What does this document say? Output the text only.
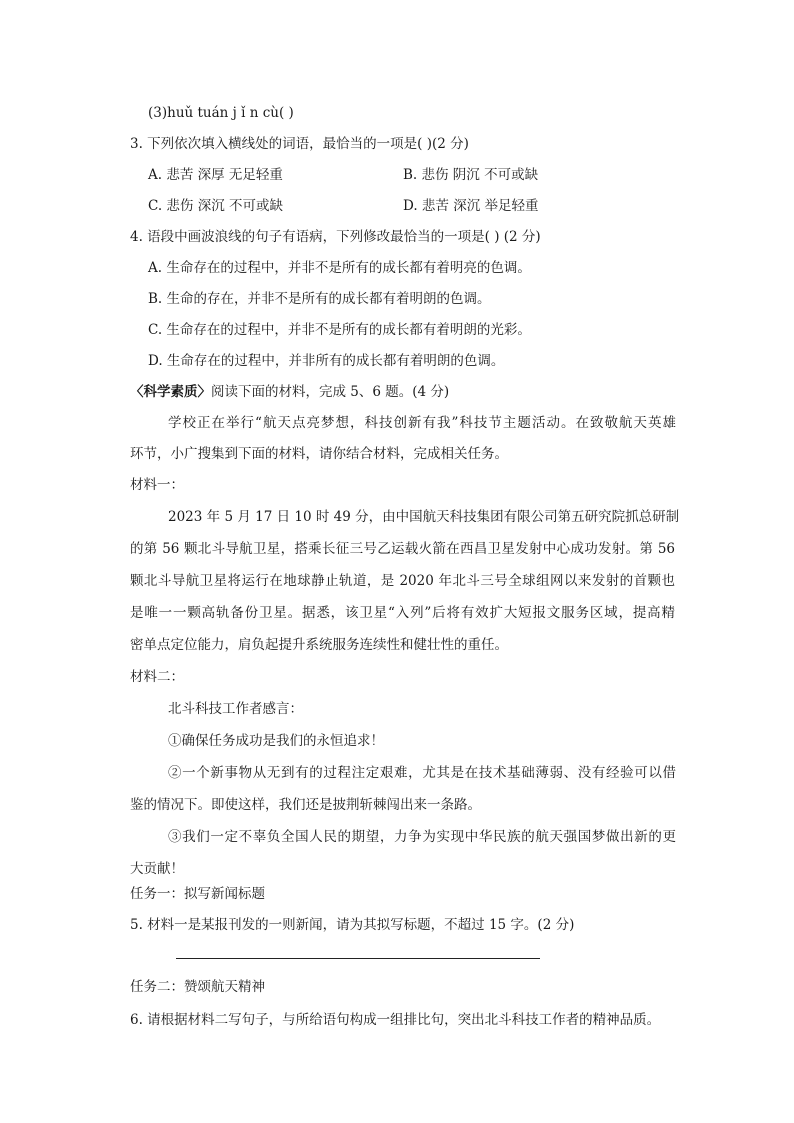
(3)huǔ tuán j ǐ n cù( )
3. 下列依次填入横线处的词语，最恰当的一项是( )(2 分)
A. 悲苦 深厚 无足轻重	B. 悲伤 阴沉 不可或缺
C. 悲伤 深沉 不可或缺	D. 悲苦 深沉 举足轻重
4. 语段中画波浪线的句子有语病，下列修改最恰当的一项是( ) (2 分)
A. 生命存在的过程中，并非不是所有的成长都有着明亮的色调。
B. 生命的存在，并非不是所有的成长都有着明朗的色调。
C. 生命存在的过程中，并非不是所有的成长都有着明朗的光彩。
D. 生命存在的过程中，并非所有的成长都有着明朗的色调。
〈科学素质〉阅读下面的材料，完成 5、6 题。(4 分)
学校正在举行“航天点亮梦想，科技创新有我”科技节主题活动。在致敬航天英雄
环节，小广搜集到下面的材料，请你结合材料，完成相关任务。
材料一：
2023 年 5 月 17 日 10 时 49 分，由中国航天科技集团有限公司第五研究院抓总研制
的第 56 颗北斗导航卫星，搭乘长征三号乙运载火箭在西昌卫星发射中心成功发射。第 56
颗北斗导航卫星将运行在地球静止轨道，是 2020 年北斗三号全球组网以来发射的首颗也
是唯一一颗高轨备份卫星。据悉，该卫星“入列”后将有效扩大短报文服务区域，提高精
密单点定位能力，肩负起提升系统服务连续性和健壮性的重任。
材料二：
北斗科技工作者感言：
①确保任务成功是我们的永恒追求！
②一个新事物从无到有的过程注定艰难，尤其是在技术基础薄弱、没有经验可以借
鉴的情况下。即使这样，我们还是披荆斩棘闯出来一条路。
③我们一定不辜负全国人民的期望，力争为实现中华民族的航天强国梦做出新的更
大贡献！
任务一：拟写新闻标题
5. 材料一是某报刊发的一则新闻，请为其拟写标题，不超过 15 字。(2 分)
任务二：赞颂航天精神
6. 请根据材料二写句子，与所给语句构成一组排比句，突出北斗科技工作者的精神品质。
